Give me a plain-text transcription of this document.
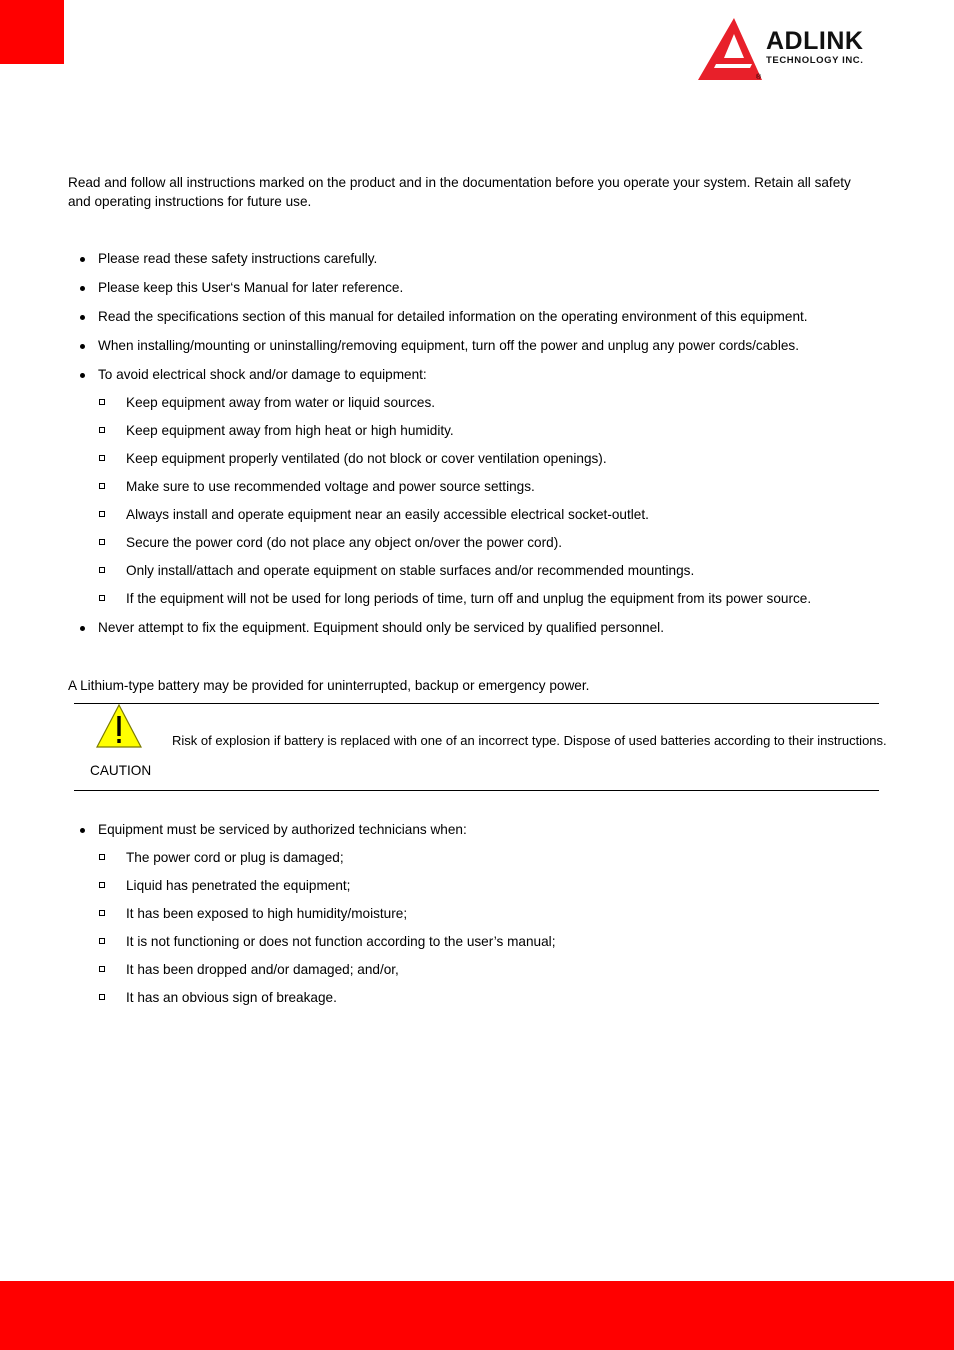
ADLINK
TECHNOLOGY INC.
®
Read and follow all instructions marked on the product and in the documentation before you operate your system. Retain all safety and operating instructions for future use.
Please read these safety instructions carefully.
Please keep this User‘s Manual for later reference.
Read the specifications section of this manual for detailed information on the operating environment of this equipment.
When installing/mounting or uninstalling/removing equipment, turn off the power and unplug any power cords/cables.
To avoid electrical shock and/or damage to equipment:
Keep equipment away from water or liquid sources.
Keep equipment away from high heat or high humidity.
Keep equipment properly ventilated (do not block or cover ventilation openings).
Make sure to use recommended voltage and power source settings.
Always install and operate equipment near an easily accessible electrical socket-outlet.
Secure the power cord (do not place any object on/over the power cord).
Only install/attach and operate equipment on stable surfaces and/or recommended mountings.
If the equipment will not be used for long periods of time, turn off and unplug the equipment from its power source.
Never attempt to fix the equipment. Equipment should only be serviced by qualified personnel.
A Lithium-type battery may be provided for uninterrupted, backup or emergency power.
CAUTION
Risk of explosion if battery is replaced with one of an incorrect type. Dispose of used batteries according to their instructions.
Equipment must be serviced by authorized technicians when:
The power cord or plug is damaged;
Liquid has penetrated the equipment;
It has been exposed to high humidity/moisture;
It is not functioning or does not function according to the user’s manual;
It has been dropped and/or damaged; and/or,
It has an obvious sign of breakage.
